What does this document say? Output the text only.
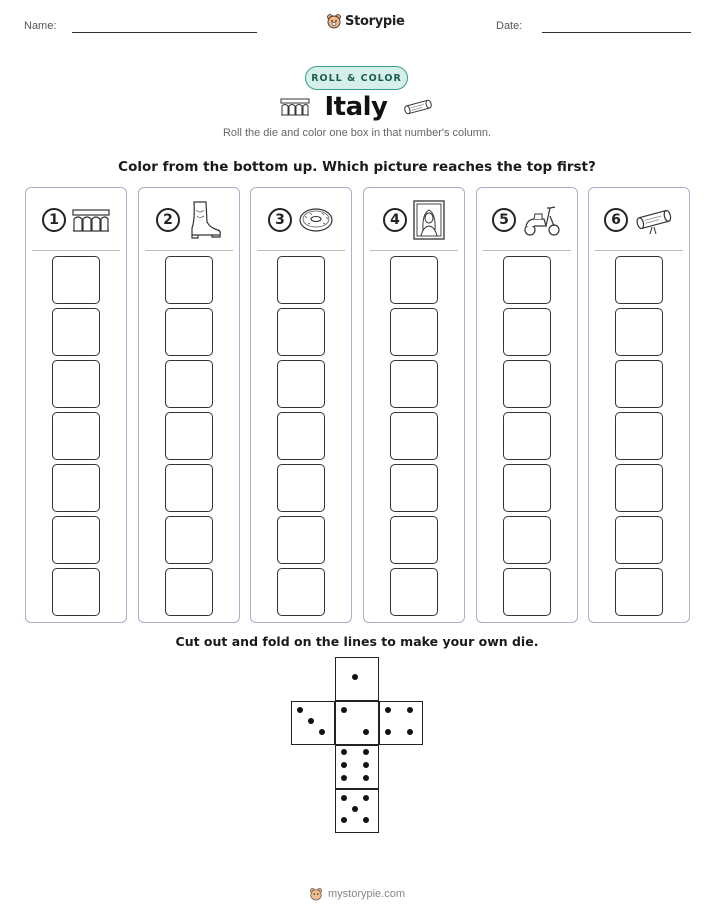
Name:	Storypie	Date:
ROLL & COLOR
Italy
Roll the die and color one box in that number's column.
Color from the bottom up. Which picture reaches the top first?
1	2	3	4	5	6
Cut out and fold on the lines to make your own die.
mystorypie.com
